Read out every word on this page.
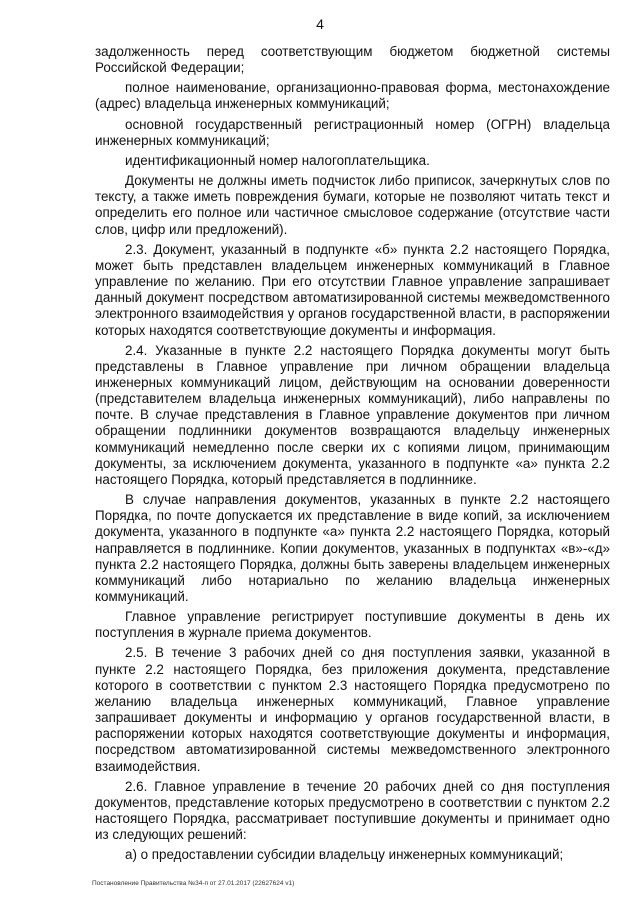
4

задолженность перед соответствующим бюджетом бюджетной системы Российской Федерации;

полное наименование, организационно-правовая форма, местонахождение (адрес) владельца инженерных коммуникаций;

основной государственный регистрационный номер (ОГРН) владельца инженерных коммуникаций;

идентификационный номер налогоплательщика.

Документы не должны иметь подчисток либо приписок, зачеркнутых слов по тексту, а также иметь повреждения бумаги, которые не позволяют читать текст и определить его полное или частичное смысловое содержание (отсутствие части слов, цифр или предложений).

2.3. Документ, указанный в подпункте «б» пункта 2.2 настоящего Порядка, может быть представлен владельцем инженерных коммуникаций в Главное управление по желанию. При его отсутствии Главное управление запрашивает данный документ посредством автоматизированной системы межведомственного электронного взаимодействия у органов государственной власти, в распоряжении которых находятся соответствующие документы и информация.

2.4. Указанные в пункте 2.2 настоящего Порядка документы могут быть представлены в Главное управление при личном обращении владельца инженерных коммуникаций лицом, действующим на основании доверенности (представителем владельца инженерных коммуникаций), либо направлены по почте. В случае представления в Главное управление документов при личном обращении подлинники документов возвращаются владельцу инженерных коммуникаций немедленно после сверки их с копиями лицом, принимающим документы, за исключением документа, указанного в подпункте «а» пункта 2.2 настоящего Порядка, который представляется в подлиннике.

В случае направления документов, указанных в пункте 2.2 настоящего Порядка, по почте допускается их представление в виде копий, за исключением документа, указанного в подпункте «а» пункта 2.2 настоящего Порядка, который направляется в подлиннике. Копии документов, указанных в подпунктах «в»-«д» пункта 2.2 настоящего Порядка, должны быть заверены владельцем инженерных коммуникаций либо нотариально по желанию владельца инженерных коммуникаций.

Главное управление регистрирует поступившие документы в день их поступления в журнале приема документов.

2.5. В течение 3 рабочих дней со дня поступления заявки, указанной в пункте 2.2 настоящего Порядка, без приложения документа, представление которого в соответствии с пунктом 2.3 настоящего Порядка предусмотрено по желанию владельца инженерных коммуникаций, Главное управление запрашивает документы и информацию у органов государственной власти, в распоряжении которых находятся соответствующие документы и информация, посредством автоматизированной системы межведомственного электронного взаимодействия.

2.6. Главное управление в течение 20 рабочих дней со дня поступления документов, представление которых предусмотрено в соответствии с пунктом 2.2 настоящего Порядка, рассматривает поступившие документы и принимает одно из следующих решений:

а) о предоставлении субсидии владельцу инженерных коммуникаций;

Постановление Правительства №34-п от 27.01.2017 (22627624 v1)
